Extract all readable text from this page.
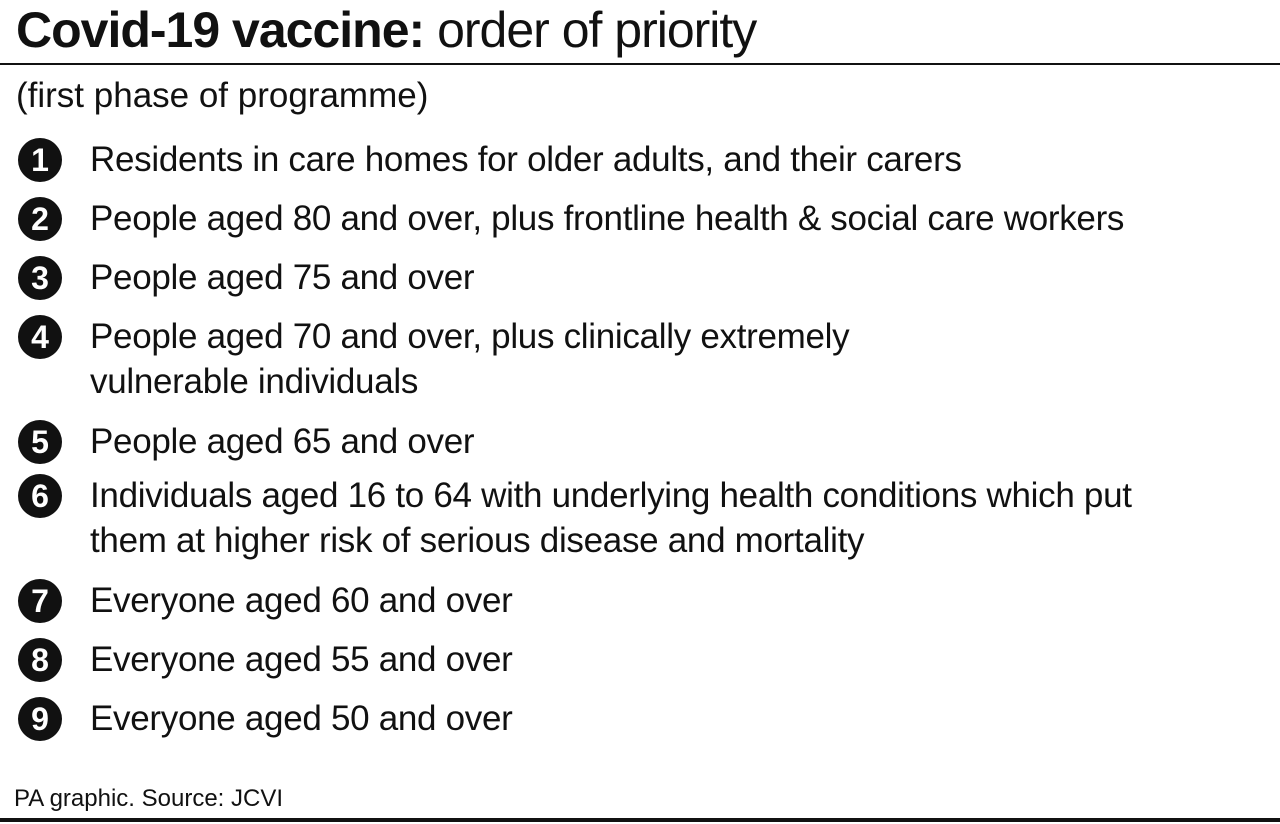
Covid-19 vaccine: order of priority
(first phase of programme)
1	Residents in care homes for older adults, and their carers
2	People aged 80 and over, plus frontline health & social care workers
3	People aged 75 and over
4	People aged 70 and over, plus clinically extremely
vulnerable individuals
5	People aged 65 and over
6	Individuals aged 16 to 64 with underlying health conditions which put
them at higher risk of serious disease and mortality
7	Everyone aged 60 and over
8	Everyone aged 55 and over
9	Everyone aged 50 and over
PA graphic. Source: JCVI
